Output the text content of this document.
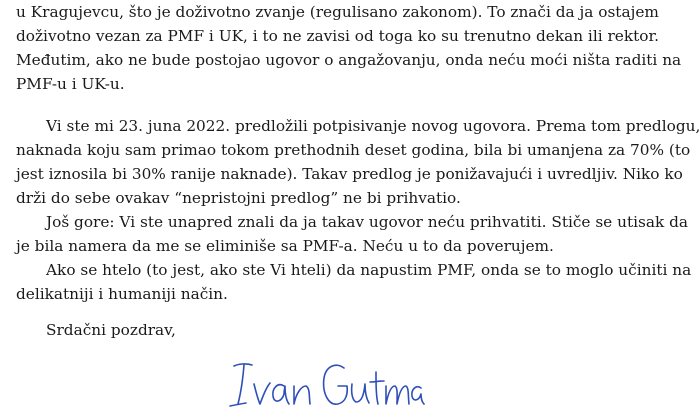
u Kragujevcu, što je doživotno zvanje (regulisano zakonom). To znači da ja ostajem
doživotno vezan za PMF i UK, i to ne zavisi od toga ko su trenutno dekan ili rektor.
Međutim, ako ne bude postojao ugovor o angažovanju, onda neću moći ništa raditi na
PMF-u i UK-u.
Vi ste mi 23. juna 2022. predložili potpisivanje novog ugovora. Prema tom predlogu,
naknada koju sam primao tokom prethodnih deset godina, bila bi umanjena za 70% (to
jest iznosila bi 30% ranije naknade). Takav predlog je ponižavajući i uvredljiv. Niko ko
drži do sebe ovakav “nepristojni predlog” ne bi prihvatio.
Još gore: Vi ste unapred znali da ja takav ugovor neću prihvatiti. Stiče se utisak da
je bila namera da me se eliminiše sa PMF-a. Neću u to da poverujem.
Ako se htelo (to jest, ako ste Vi hteli) da napustim PMF, onda se to moglo učiniti na
delikatniji i humaniji način.
Srdačni pozdrav,
